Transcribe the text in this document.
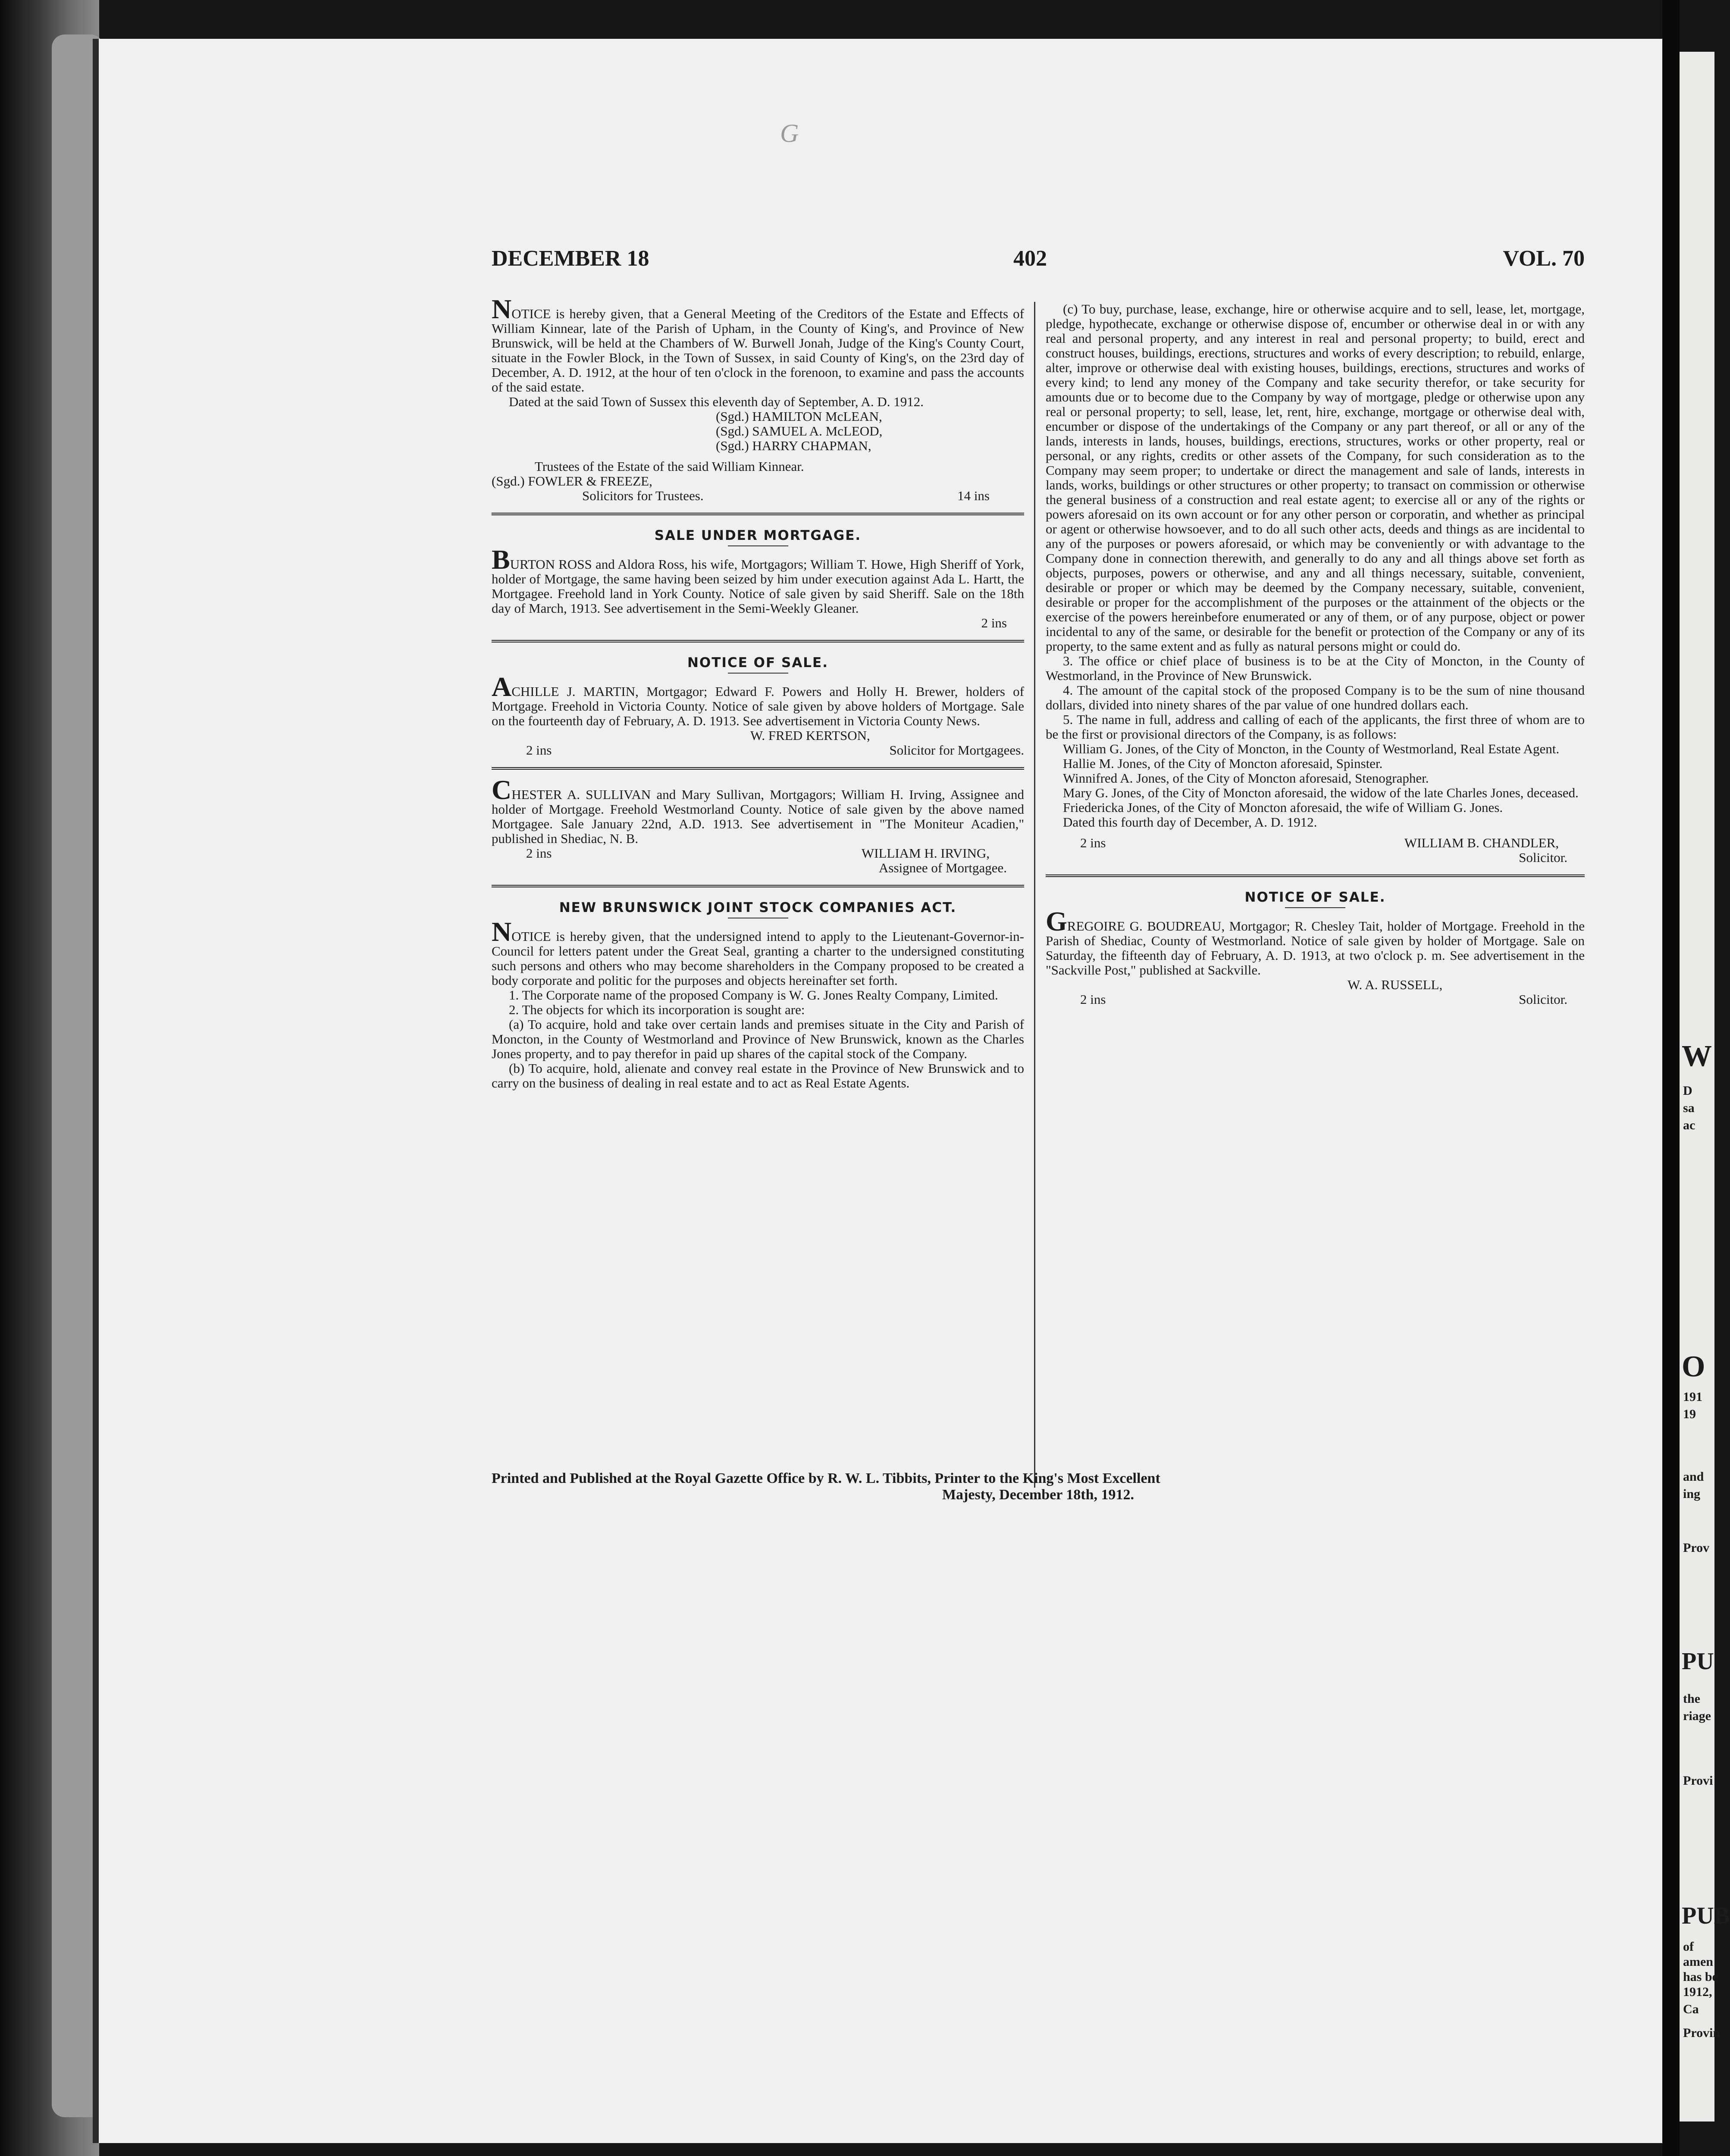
G
W
D
sa
ac
O
191
19
and
ing
Prov
PU
the
riage
Provi
PUB
of
amen
has be
1912,
Ca
Provin
DECEMBER 18	402	VOL. 70

NOTICE is hereby given, that a General Meeting of the Creditors of the Estate and Effects of William Kinnear, late of the Parish of Upham, in the County of King's, and Province of New Brunswick, will be held at the Chambers of W. Burwell Jonah, Judge of the King's County Court, situate in the Fowler Block, in the Town of Sussex, in said County of King's, on the 23rd day of December, A. D. 1912, at the hour of ten o'clock in the forenoon, to examine and pass the accounts of the said estate.

Dated at the said Town of Sussex this eleventh day of September, A. D. 1912.

(Sgd.) HAMILTON McLEAN,

(Sgd.) SAMUEL A. McLEOD,

(Sgd.) HARRY CHAPMAN,

Trustees of the Estate of the said William Kinnear.

(Sgd.) FOWLER & FREEZE,

Solicitors for Trustees.	14 ins
SALE UNDER MORTGAGE.

BURTON ROSS and Aldora Ross, his wife, Mortgagors; William T. Howe, High Sheriff of York, holder of Mortgage, the same having been seized by him under execution against Ada L. Hartt, the Mortgagee. Freehold land in York County. Notice of sale given by said Sheriff. Sale on the 18th day of March, 1913. See advertisement in the Semi-Weekly Gleaner.

2 ins

NOTICE OF SALE.

ACHILLE J. MARTIN, Mortgagor; Edward F. Powers and Holly H. Brewer, holders of Mortgage. Freehold in Victoria County. Notice of sale given by above holders of Mortgage. Sale on the fourteenth day of February, A. D. 1913. See advertisement in Victoria County News.

W. FRED KERTSON,

2 ins	Solicitor for Mortgagees.

CHESTER A. SULLIVAN and Mary Sullivan, Mortgagors; William H. Irving, Assignee and holder of Mortgage. Freehold Westmorland County. Notice of sale given by the above named Mortgagee. Sale January 22nd, A.D. 1913. See advertisement in "The Moniteur Acadien," published in Shediac, N. B.

2 ins	WILLIAM H. IRVING,

Assignee of Mortgagee.

NEW BRUNSWICK JOINT STOCK COMPANIES ACT.

NOTICE is hereby given, that the undersigned intend to apply to the Lieutenant-Governor-in-Council for letters patent under the Great Seal, granting a charter to the undersigned constituting such persons and others who may become shareholders in the Company proposed to be created a body corporate and politic for the purposes and objects hereinafter set forth.

1. The Corporate name of the proposed Company is W. G. Jones Realty Company, Limited.

2. The objects for which its incorporation is sought are:

(a) To acquire, hold and take over certain lands and premises situate in the City and Parish of Moncton, in the County of Westmorland and Province of New Brunswick, known as the Charles Jones property, and to pay therefor in paid up shares of the capital stock of the Company.

(b) To acquire, hold, alienate and convey real estate in the Province of New Brunswick and to carry on the business of dealing in real estate and to act as Real Estate Agents.

(c) To buy, purchase, lease, exchange, hire or otherwise acquire and to sell, lease, let, mortgage, pledge, hypothecate, exchange or otherwise dispose of, encumber or otherwise deal in or with any real and personal property, and any interest in real and personal property; to build, erect and construct houses, buildings, erections, structures and works of every description; to rebuild, enlarge, alter, improve or otherwise deal with existing houses, buildings, erections, structures and works of every kind; to lend any money of the Company and take security therefor, or take security for amounts due or to become due to the Company by way of mortgage, pledge or otherwise upon any real or personal property; to sell, lease, let, rent, hire, exchange, mortgage or otherwise deal with, encumber or dispose of the undertakings of the Company or any part thereof, or all or any of the lands, interests in lands, houses, buildings, erections, structures, works or other property, real or personal, or any rights, credits or other assets of the Company, for such consideration as to the Company may seem proper; to undertake or direct the management and sale of lands, interests in lands, works, buildings or other structures or other property; to transact on commission or otherwise the general business of a construction and real estate agent; to exercise all or any of the rights or powers aforesaid on its own account or for any other person or corporatin, and whether as principal or agent or otherwise howsoever, and to do all such other acts, deeds and things as are incidental to any of the purposes or powers aforesaid, or which may be conveniently or with advantage to the Company done in connection therewith, and generally to do any and all things above set forth as objects, purposes, powers or otherwise, and any and all things necessary, suitable, convenient, desirable or proper or which may be deemed by the Company necessary, suitable, convenient, desirable or proper for the accomplishment of the purposes or the attainment of the objects or the exercise of the powers hereinbefore enumerated or any of them, or of any purpose, object or power incidental to any of the same, or desirable for the benefit or protection of the Company or any of its property, to the same extent and as fully as natural persons might or could do.

3. The office or chief place of business is to be at the City of Moncton, in the County of Westmorland, in the Province of New Brunswick.

4. The amount of the capital stock of the proposed Company is to be the sum of nine thousand dollars, divided into ninety shares of the par value of one hundred dollars each.

5. The name in full, address and calling of each of the applicants, the first three of whom are to be the first or provisional directors of the Company, is as follows:

William G. Jones, of the City of Moncton, in the County of Westmorland, Real Estate Agent.

Hallie M. Jones, of the City of Moncton aforesaid, Spinster.

Winnifred A. Jones, of the City of Moncton aforesaid, Stenographer.

Mary G. Jones, of the City of Moncton aforesaid, the widow of the late Charles Jones, deceased.

Friedericka Jones, of the City of Moncton aforesaid, the wife of William G. Jones.

Dated this fourth day of December, A. D. 1912.

2 ins	WILLIAM B. CHANDLER,

Solicitor.

NOTICE OF SALE.

GREGOIRE G. BOUDREAU, Mortgagor; R. Chesley Tait, holder of Mortgage. Freehold in the Parish of Shediac, County of Westmorland. Notice of sale given by holder of Mortgage. Sale on Saturday, the fifteenth day of February, A. D. 1913, at two o'clock p. m. See advertisement in the "Sackville Post," published at Sackville.

W. A. RUSSELL,

2 ins	Solicitor.

Printed and Published at the Royal Gazette Office by R. W. L. Tibbits, Printer to the King's Most Excellent

Majesty, December 18th, 1912.
